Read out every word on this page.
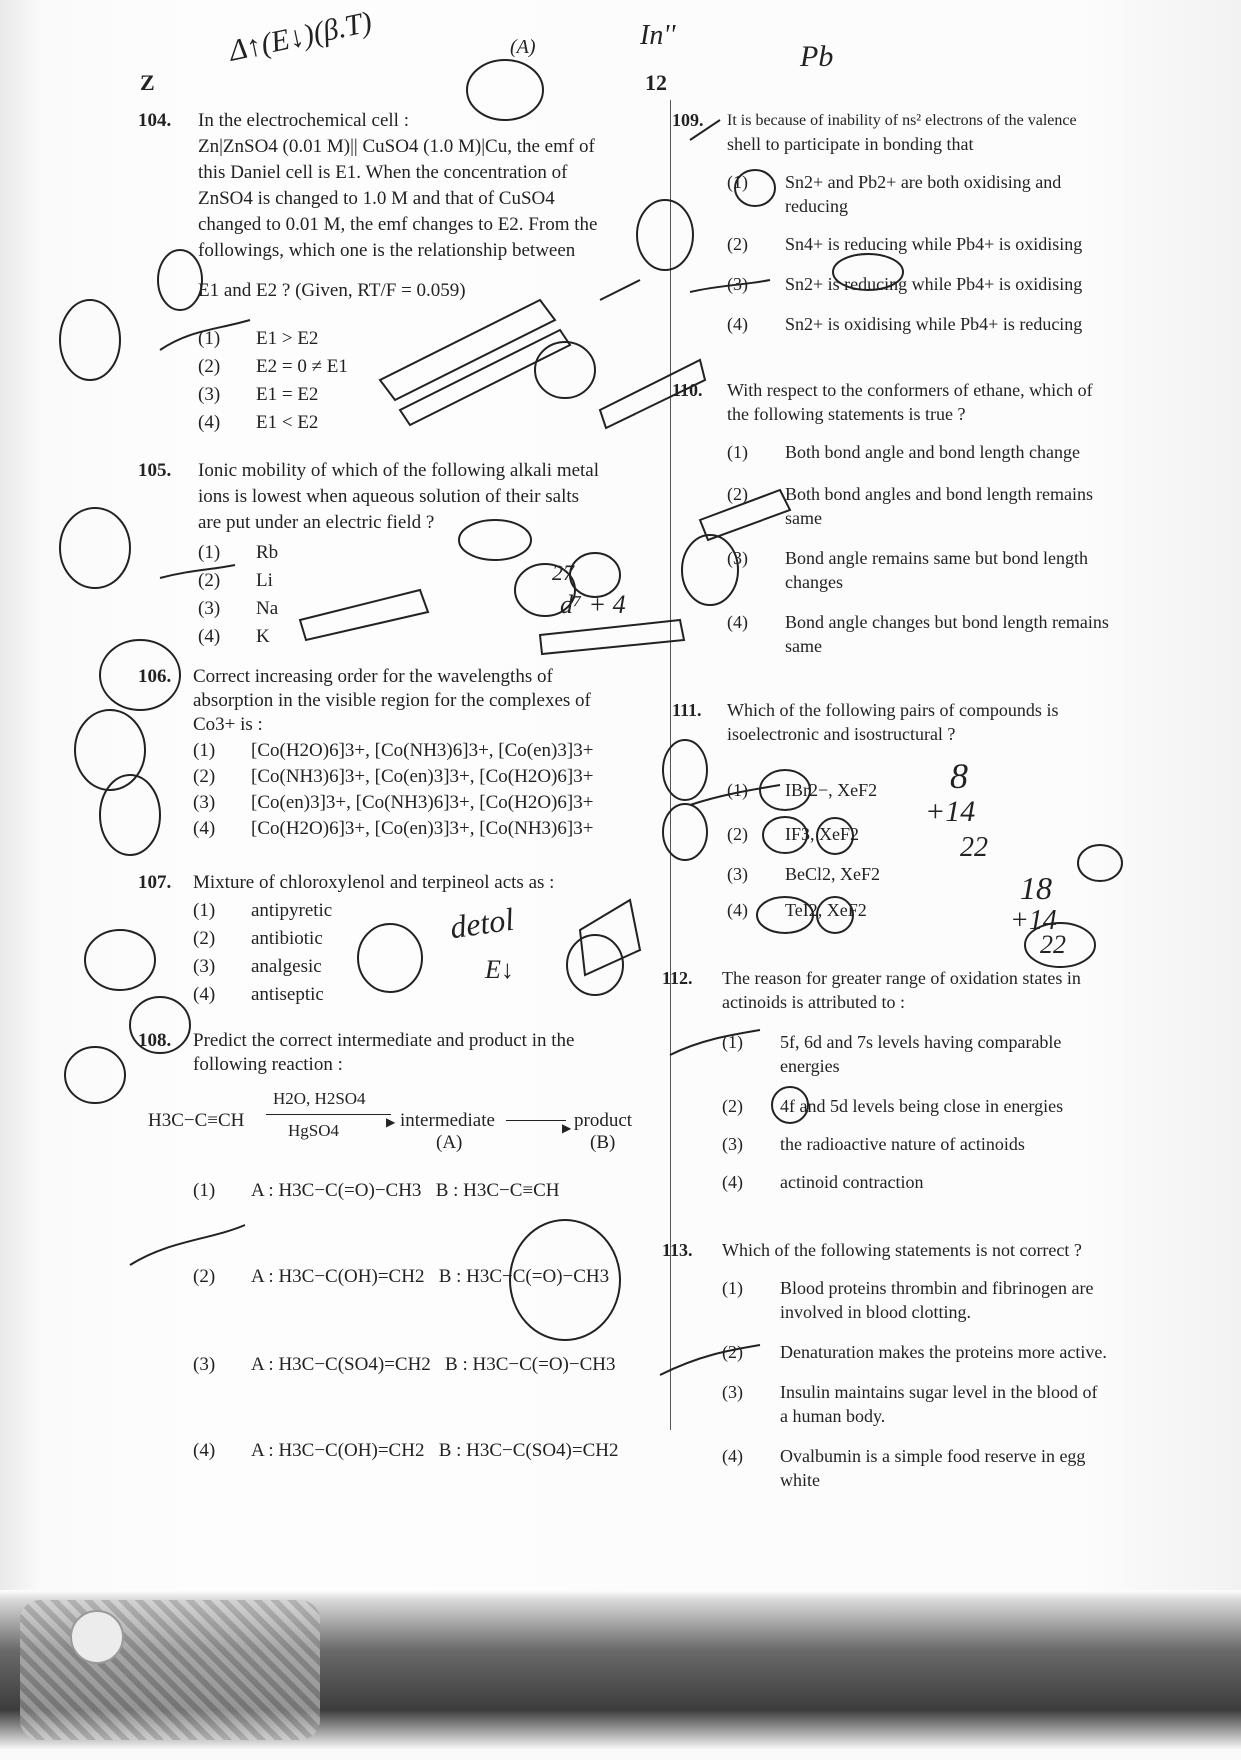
Z	12
104. In the electrochemical cell :
Zn|ZnSO4 (0.01 M)|| CuSO4 (1.0 M)|Cu, the emf of
this Daniel cell is E1. When the concentration of
ZnSO4 is changed to 1.0 M and that of CuSO4
changed to 0.01 M, the emf changes to E2. From the
followings, which one is the relationship between
E1 and E2 ? (Given, RT/F = 0.059)
(1) E1 > E2
(2) E2 = 0 ≠ E1
(3) E1 = E2
(4) E1 < E2
105. Ionic mobility of which of the following alkali metal
ions is lowest when aqueous solution of their salts
are put under an electric field ?
(1) Rb
(2) Li
(3) Na
(4) K
106. Correct increasing order for the wavelengths of
absorption in the visible region for the complexes of
Co3+ is :
(1) [Co(H2O)6]3+, [Co(NH3)6]3+, [Co(en)3]3+
(2) [Co(NH3)6]3+, [Co(en)3]3+, [Co(H2O)6]3+
(3) [Co(en)3]3+, [Co(NH3)6]3+, [Co(H2O)6]3+
(4) [Co(H2O)6]3+, [Co(en)3]3+, [Co(NH3)6]3+
107. Mixture of chloroxylenol and terpineol acts as :
(1) antipyretic
(2) antibiotic
(3) analgesic
(4) antiseptic
108. Predict the correct intermediate and product in the
following reaction :
H3C−C≡CH
H2O, H2SO4
▶
HgSO4	intermediate
(A)
▶ product
(B)
(1) A : H3C−C(=O)−CH3 B : H3C−C≡CH
(2) A : H3C−C(OH)=CH2 B : H3C−C(=O)−CH3
(3) A : H3C−C(SO4)=CH2 B : H3C−C(=O)−CH3
(4) A : H3C−C(OH)=CH2 B : H3C−C(SO4)=CH2
109. It is because of inability of ns² electrons of the valence
shell to participate in bonding that
(1) Sn2+ and Pb2+ are both oxidising and
reducing
(2) Sn4+ is reducing while Pb4+ is oxidising
(3) Sn2+ is reducing while Pb4+ is oxidising
(4) Sn2+ is oxidising while Pb4+ is reducing
110. With respect to the conformers of ethane, which of
the following statements is true ?
(1) Both bond angle and bond length change
(2) Both bond angles and bond length remains
same
(3) Bond angle remains same but bond length
changes
(4) Bond angle changes but bond length remains
same
111. Which of the following pairs of compounds is
isoelectronic and isostructural ?
(1) IBr2−, XeF2
(2) IF3, XeF2
(3) BeCl2, XeF2
(4) TeI2, XeF2
112. The reason for greater range of oxidation states in
actinoids is attributed to :
(1) 5f, 6d and 7s levels having comparable
energies
(2) 4f and 5d levels being close in energies
(3) the radioactive nature of actinoids
(4) actinoid contraction
113. Which of the following statements is not correct ?
(1) Blood proteins thrombin and fibrinogen are
involved in blood clotting.
(2) Denaturation makes the proteins more active.
(3) Insulin maintains sugar level in the blood of
a human body.
(4) Ovalbumin is a simple food reserve in egg
white
Δ↑(E↓)(β.T)	(A)	In''
Pb
detol
E↓
8
+14
22
18
+14
22
27
d⁷ + 4
